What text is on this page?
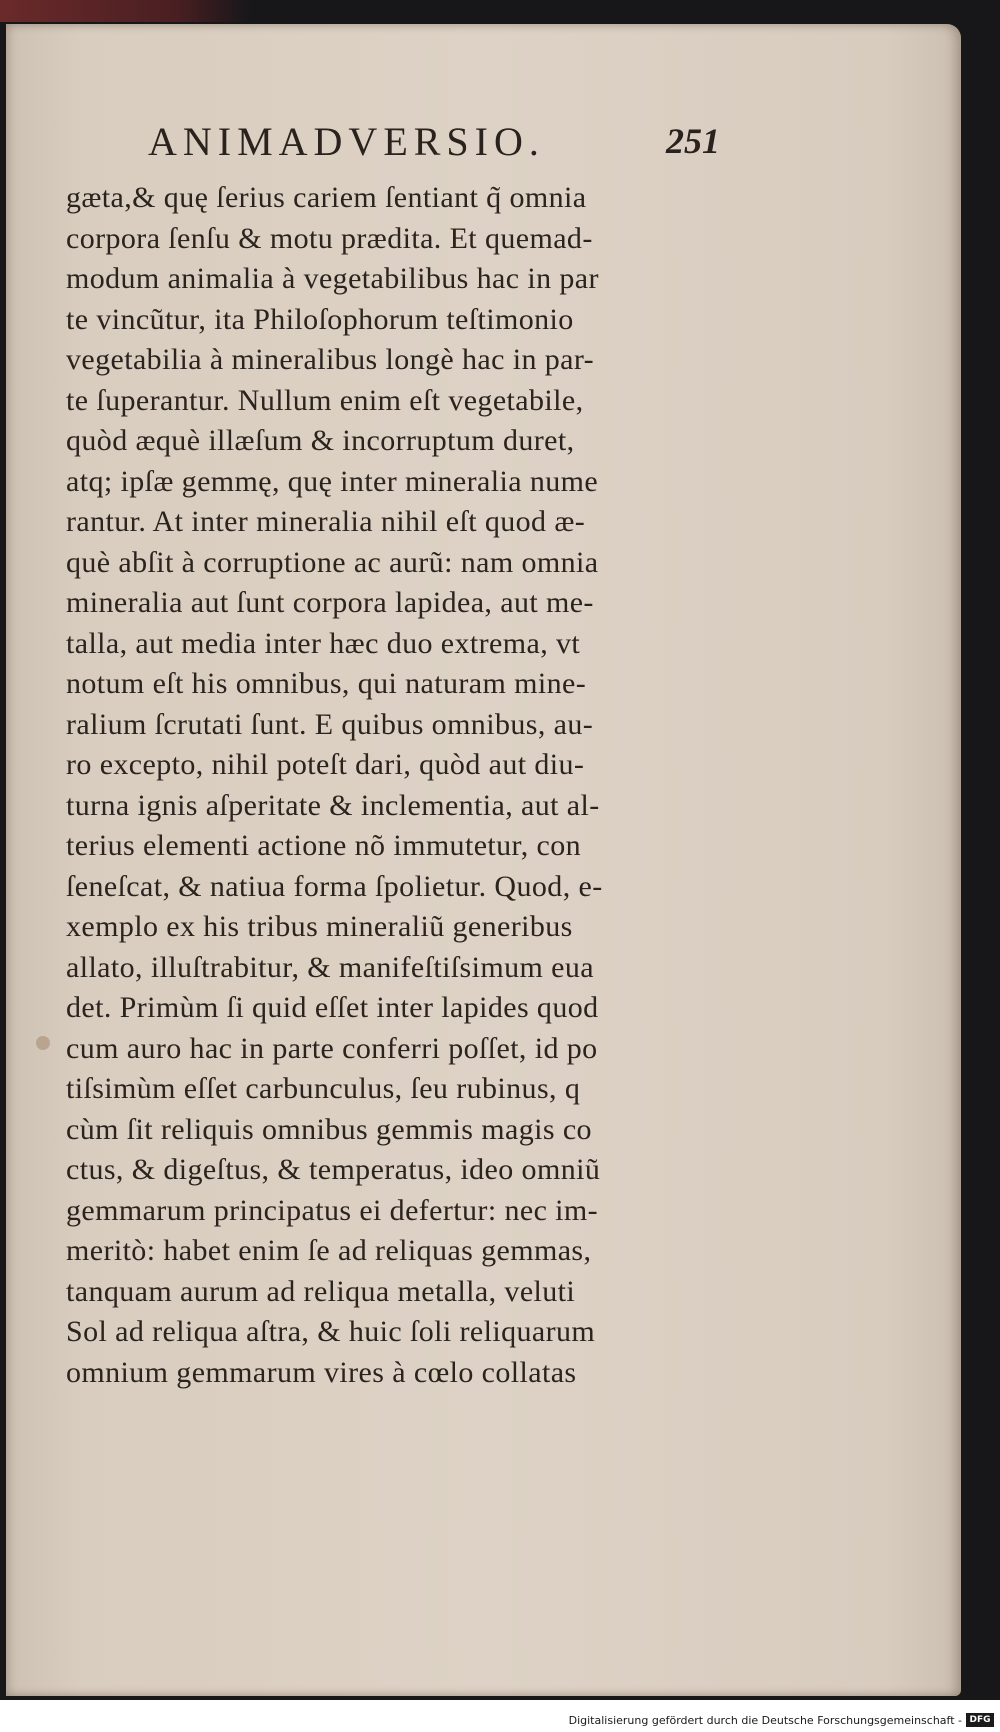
ANIMADVERSIO.	251
gæta,& quę ſerius cariem ſentiant q̃ omnia
corpora ſenſu & motu prædita. Et quemad-
modum animalia à vegetabilibus hac in par
te vincũtur, ita Philoſophorum teſtimonio
vegetabilia à mineralibus longè hac in par-
te ſuperantur. Nullum enim eſt vegetabile,
quòd æquè illæſum & incorruptum duret,
atq; ipſæ gemmę, quę inter mineralia nume
rantur. At inter mineralia nihil eſt quod æ-
què abſit à corruptione ac aurũ: nam omnia
mineralia aut ſunt corpora lapidea, aut me-
talla, aut media inter hæc duo extrema, vt
notum eſt his omnibus, qui naturam mine-
ralium ſcrutati ſunt. E quibus omnibus, au-
ro excepto, nihil poteſt dari, quòd aut diu-
turna ignis aſperitate & inclementia, aut al-
terius elementi actione nõ immutetur, con
ſeneſcat, & natiua forma ſpolietur. Quod, e-
xemplo ex his tribus mineraliũ generibus
allato, illuſtrabitur, & manifeſtiſsimum eua
det. Primùm ſi quid eſſet inter lapides quod
cum auro hac in parte conferri poſſet, id po
tiſsimùm eſſet carbunculus, ſeu rubinus, q
cùm ſit reliquis omnibus gemmis magis co
ctus, & digeſtus, & temperatus, ideo omniũ
gemmarum principatus ei defertur: nec im-
meritò: habet enim ſe ad reliquas gemmas,
tanquam aurum ad reliqua metalla, veluti
Sol ad reliqua aſtra, & huic ſoli reliquarum
omnium gemmarum vires à cœlo collatas
Digitalisierung gefördert durch die Deutsche Forschungsgemeinschaft - DFG
